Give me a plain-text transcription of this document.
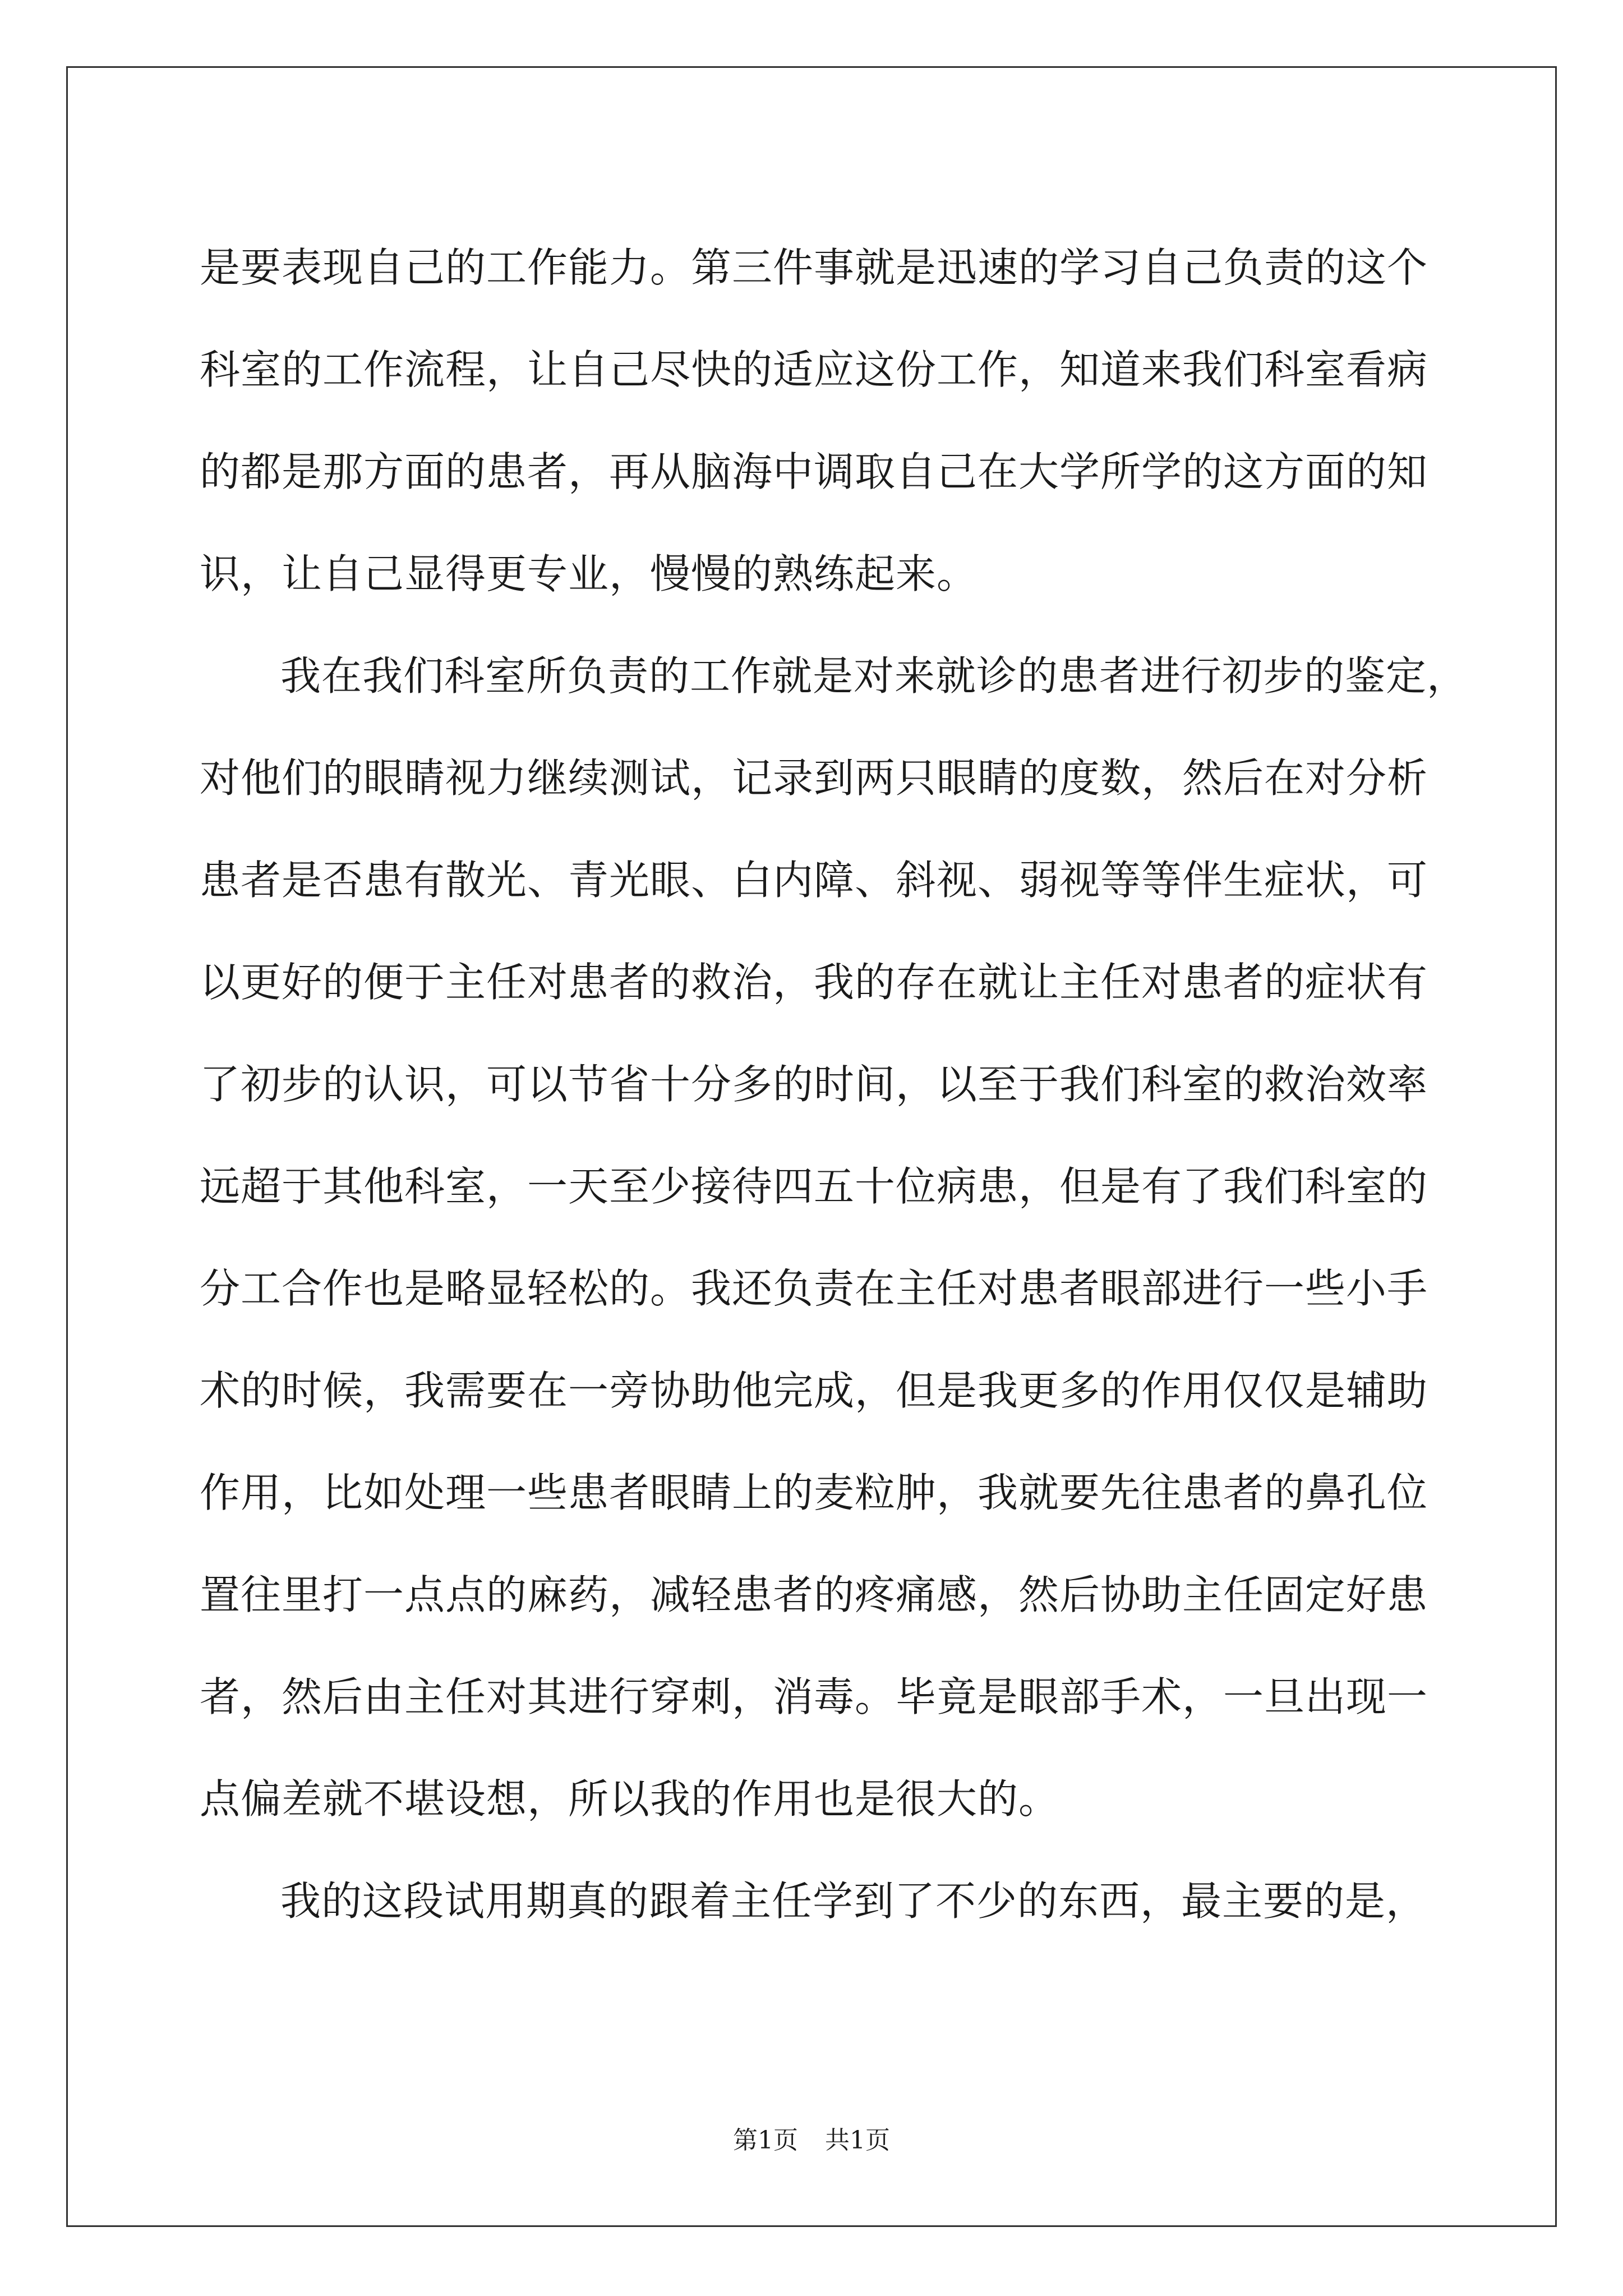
是要表现自己的工作能力。第三件事就是迅速的学习自己负责的这个
科室的工作流程，让自己尽快的适应这份工作，知道来我们科室看病
的都是那方面的患者，再从脑海中调取自己在大学所学的这方面的知
识，让自己显得更专业，慢慢的熟练起来。
我在我们科室所负责的工作就是对来就诊的患者进行初步的鉴定，
对他们的眼睛视力继续测试，记录到两只眼睛的度数，然后在对分析
患者是否患有散光、青光眼、白内障、斜视、弱视等等伴生症状，可
以更好的便于主任对患者的救治，我的存在就让主任对患者的症状有
了初步的认识，可以节省十分多的时间，以至于我们科室的救治效率
远超于其他科室，一天至少接待四五十位病患，但是有了我们科室的
分工合作也是略显轻松的。我还负责在主任对患者眼部进行一些小手
术的时候，我需要在一旁协助他完成，但是我更多的作用仅仅是辅助
作用，比如处理一些患者眼睛上的麦粒肿，我就要先往患者的鼻孔位
置往里打一点点的麻药，减轻患者的疼痛感，然后协助主任固定好患
者，然后由主任对其进行穿刺，消毒。毕竟是眼部手术，一旦出现一
点偏差就不堪设想，所以我的作用也是很大的。
我的这段试用期真的跟着主任学到了不少的东西，最主要的是，
第1页 共1页
